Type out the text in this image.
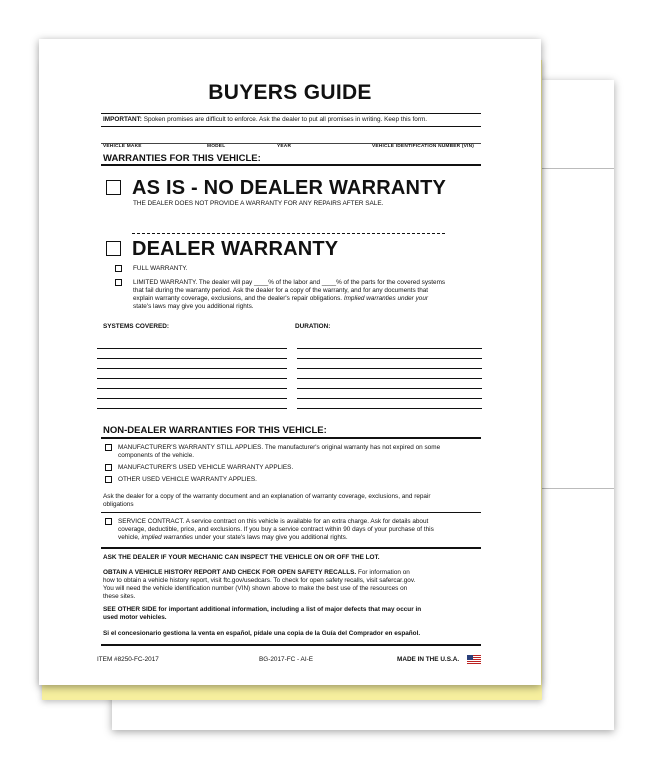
BUYERS GUIDE
IMPORTANT: Spoken promises are difficult to enforce. Ask the dealer to put all promises in writing. Keep this form.
VEHICLE MAKE	MODEL	YEAR	VEHICLE IDENTIFICATION NUMBER (VIN)
WARRANTIES FOR THIS VEHICLE:
AS IS - NO DEALER WARRANTY
THE DEALER DOES NOT PROVIDE A WARRANTY FOR ANY REPAIRS AFTER SALE.
DEALER WARRANTY
FULL WARRANTY.
LIMITED WARRANTY. The dealer will pay ____% of the labor and ____% of the parts for the covered systems
that fail during the warranty period. Ask the dealer for a copy of the warranty, and for any documents that
explain warranty coverage, exclusions, and the dealer's repair obligations. Implied warranties under your
state's laws may give you additional rights.
SYSTEMS COVERED:	DURATION:
NON-DEALER WARRANTIES FOR THIS VEHICLE:
MANUFACTURER'S WARRANTY STILL APPLIES. The manufacturer's original warranty has not expired on some
components of the vehicle.
MANUFACTURER'S USED VEHICLE WARRANTY APPLIES.
OTHER USED VEHICLE WARRANTY APPLIES.
Ask the dealer for a copy of the warranty document and an explanation of warranty coverage, exclusions, and repair
obligations
SERVICE CONTRACT. A service contract on this vehicle is available for an extra charge. Ask for details about
coverage, deductible, price, and exclusions. If you buy a service contract within 90 days of your purchase of this
vehicle, implied warranties under your state's laws may give you additional rights.
ASK THE DEALER IF YOUR MECHANIC CAN INSPECT THE VEHICLE ON OR OFF THE LOT.
OBTAIN A VEHICLE HISTORY REPORT AND CHECK FOR OPEN SAFETY RECALLS. For information on
how to obtain a vehicle history report, visit ftc.gov/usedcars. To check for open safety recalls, visit safercar.gov.
You will need the vehicle identification number (VIN) shown above to make the best use of the resources on
these sites.
SEE OTHER SIDE for important additional information, including a list of major defects that may occur in
used motor vehicles.
Si el concesionario gestiona la venta en español, pídale una copia de la Guía del Comprador en español.
ITEM #8250-FC-2017	BG-2017-FC - AI-E	MADE IN THE U.S.A.
